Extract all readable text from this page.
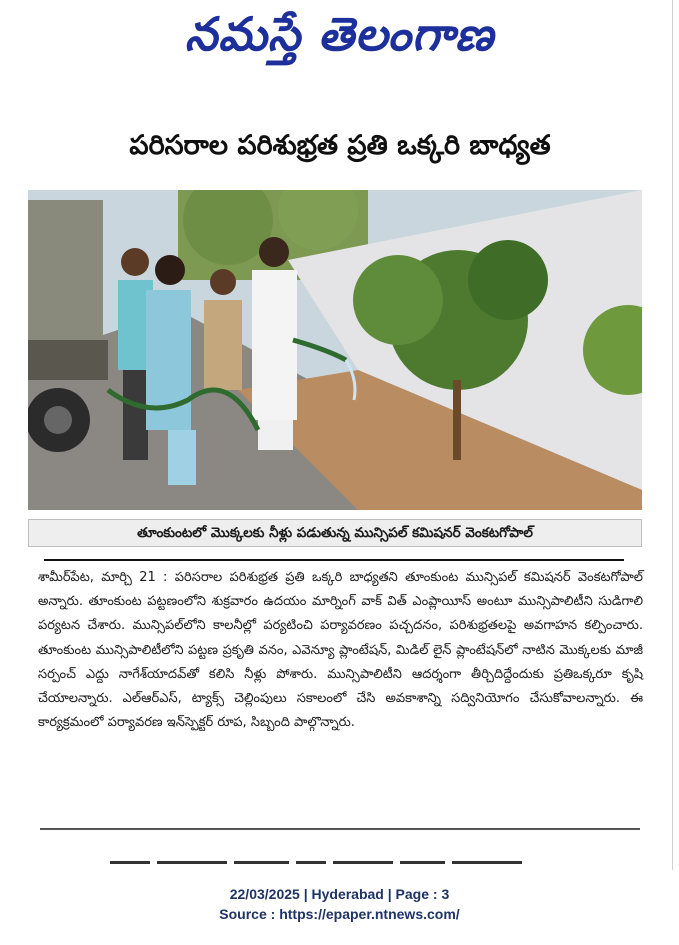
నమస్తే తెలంగాణ
పరిసరాల పరిశుభ్రత ప్రతి ఒక్కరి బాధ్యత
తూంకుంటలో మొక్కలకు నీళ్లు పడుతున్న మున్సిపల్ కమిషనర్ వెంకటగోపాల్
శామీర్‌పేట, మార్చి 21 : పరిసరాల పరిశుభ్రత ప్రతి ఒక్కరి బాధ్యతని తూంకుంట మున్సిపల్ కమిషనర్ వెంకటగోపాల్ అన్నారు. తూంకుంట పట్టణంలోని శుక్రవారం ఉదయం మార్నింగ్ వాక్ విత్ ఎంప్లాయీస్ అంటూ మున్సిపాలిటీని సుడిగాలి పర్యటన చేశారు. మున్సిపల్‌లోని కాలనీల్లో పర్యటించి పర్యావరణం పచ్చదనం, పరిశుభ్రతలపై అవగాహన కల్పించారు. తూంకుంట మున్సిపాలిటీలోని పట్టణ ప్రకృతి వనం, ఎవెన్యూ ప్లాంటేషన్, మిడిల్ లైన్ ప్లాంటేషన్‌లో నాటిన మొక్కలకు మాజీ సర్పంచ్ ఎద్దు నాగేశ్‌యాదవ్‌తో కలిసి నీళ్లు పోశారు. మున్సిపాలిటీని ఆదర్శంగా తీర్చిదిద్దేందుకు ప్రతిఒక్కరూ కృషి చేయాలన్నారు. ఎల్ఆర్ఎస్, ట్యాక్స్ చెల్లింపులు సకాలంలో చేసి అవకాశాన్ని సద్వినియోగం చేసుకోవాలన్నారు. ఈ కార్యక్రమంలో పర్యావరణ ఇన్‌స్పెక్టర్ రూప, సిబ్బంది పాల్గొన్నారు.
22/03/2025 | Hyderabad | Page : 3
Source : https://epaper.ntnews.com/
